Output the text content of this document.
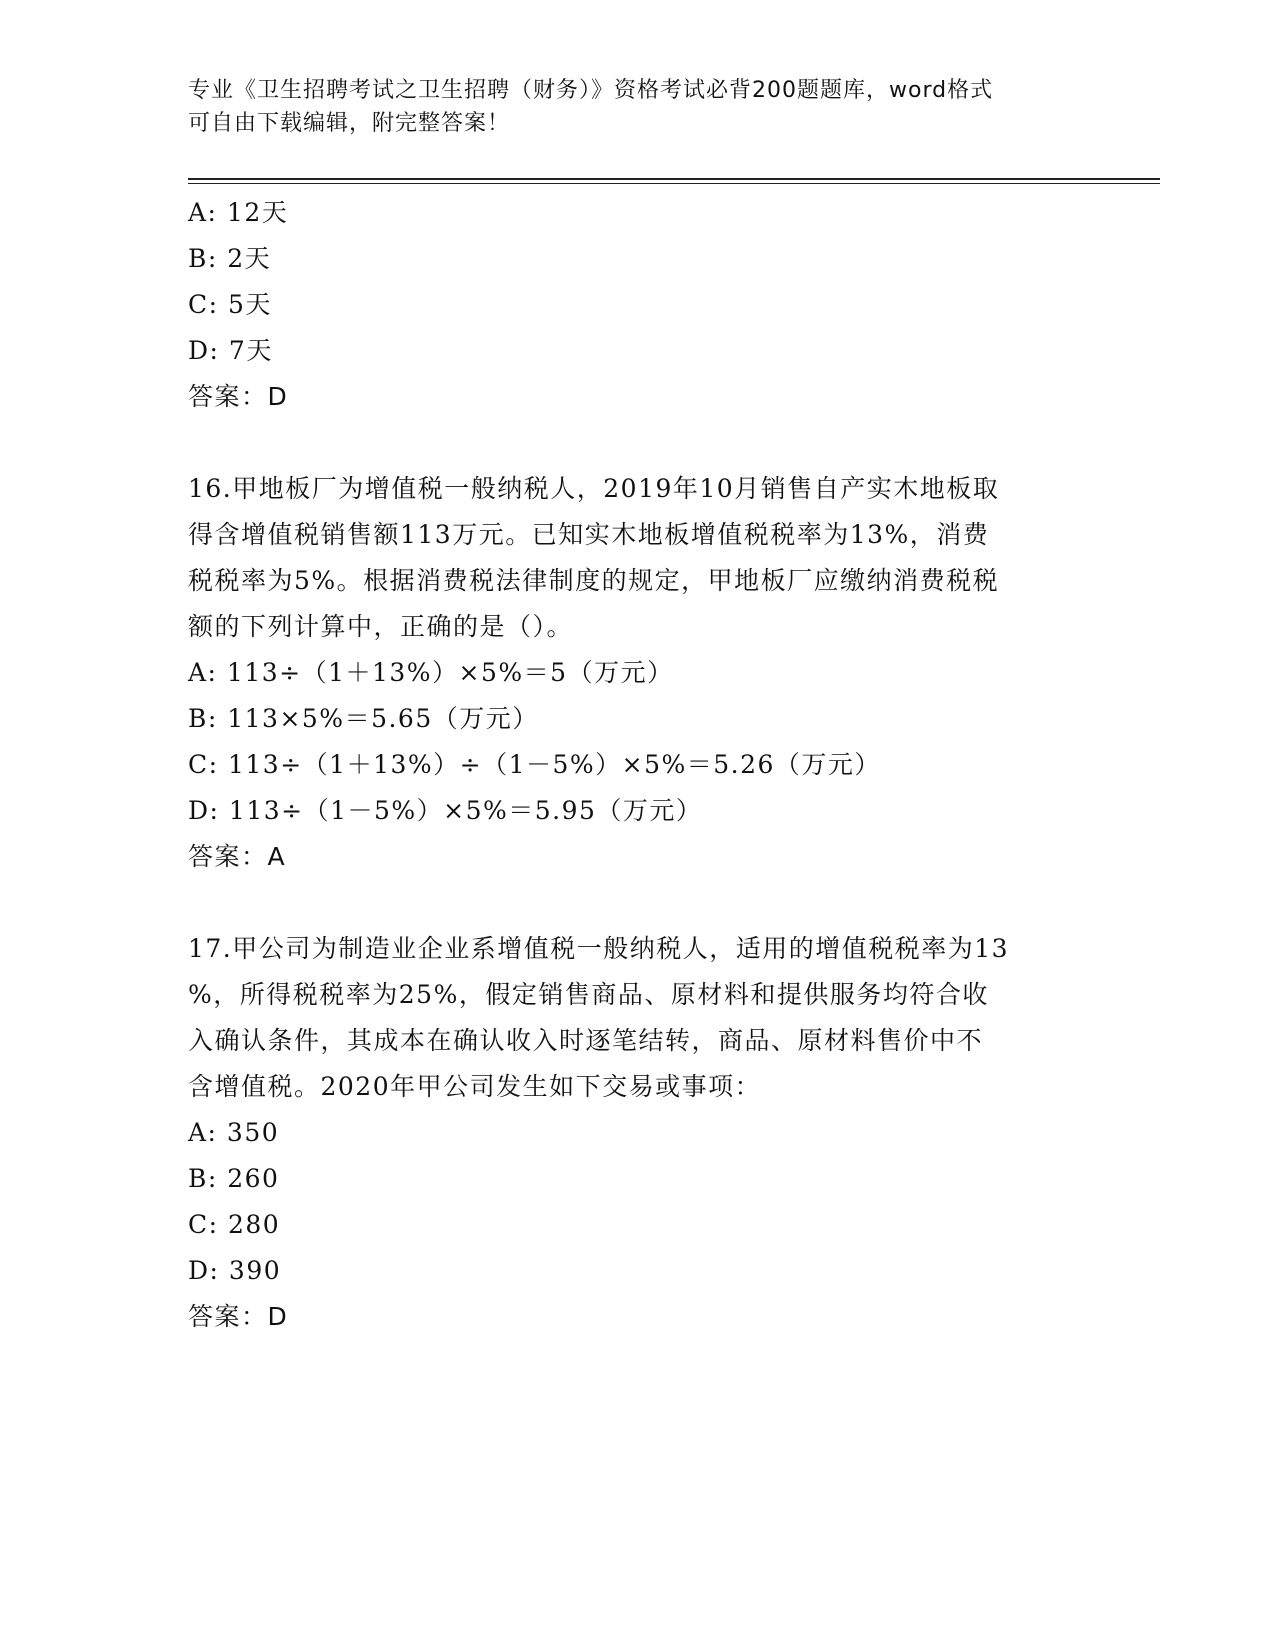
专业《卫生招聘考试之卫生招聘（财务）》资格考试必背200题题库，word格式
可自由下载编辑，附完整答案！
A: 12天
B: 2天
C: 5天
D: 7天
答案：D
16.甲地板厂为增值税一般纳税人，2019年10月销售自产实木地板取
得含增值税销售额113万元。已知实木地板增值税税率为13%，消费
税税率为5%。根据消费税法律制度的规定，甲地板厂应缴纳消费税税
额的下列计算中，正确的是（）。
A: 113÷（1＋13%）×5%＝5（万元）
B: 113×5%＝5.65（万元）
C: 113÷（1＋13%）÷（1－5%）×5%＝5.26（万元）
D: 113÷（1－5%）×5%＝5.95（万元）
答案：A
17.甲公司为制造业企业系增值税一般纳税人，适用的增值税税率为13
%，所得税税率为25%，假定销售商品、原材料和提供服务均符合收
入确认条件，其成本在确认收入时逐笔结转，商品、原材料售价中不
含增值税。2020年甲公司发生如下交易或事项：
A: 350
B: 260
C: 280
D: 390
答案：D
